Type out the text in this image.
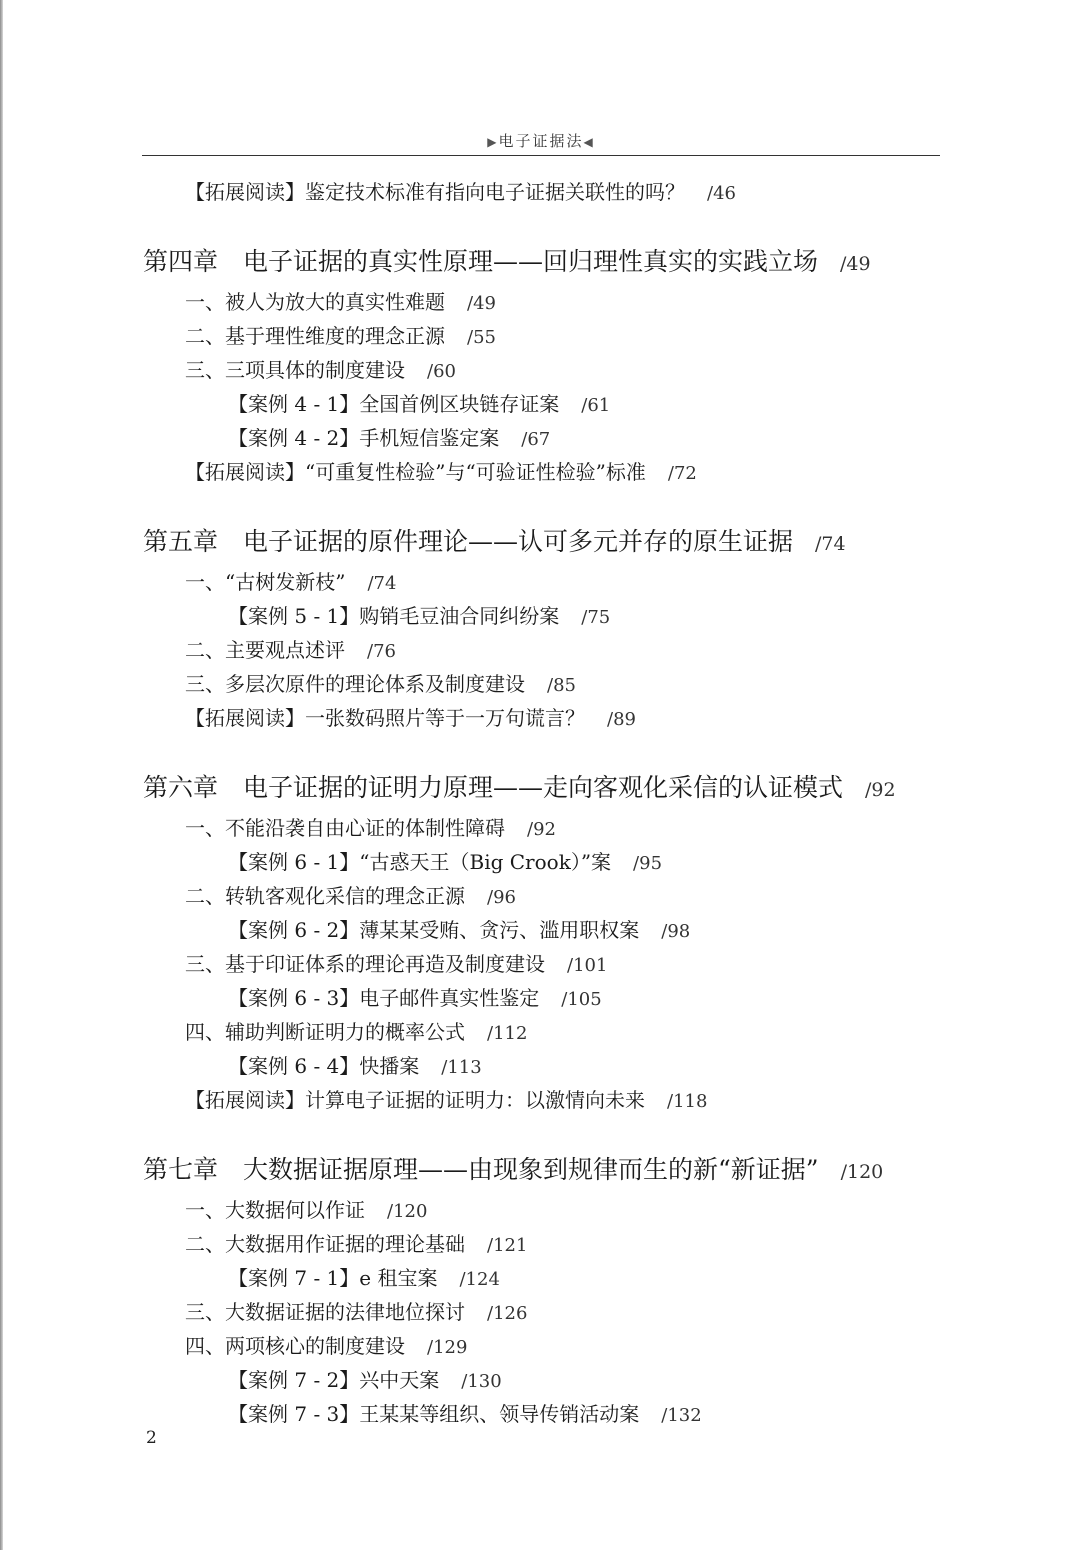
▶电子证据法◀
【拓展阅读】鉴定技术标准有指向电子证据关联性的吗？ /46
第四章　电子证据的真实性原理——回归理性真实的实践立场 /49
一、被人为放大的真实性难题 /49
二、基于理性维度的理念正源 /55
三、三项具体的制度建设 /60
【案例 4 - 1】全国首例区块链存证案 /61
【案例 4 - 2】手机短信鉴定案 /67
【拓展阅读】“可重复性检验”与“可验证性检验”标准 /72
第五章　电子证据的原件理论——认可多元并存的原生证据 /74
一、“古树发新枝” /74
【案例 5 - 1】购销毛豆油合同纠纷案 /75
二、主要观点述评 /76
三、多层次原件的理论体系及制度建设 /85
【拓展阅读】一张数码照片等于一万句谎言？ /89
第六章　电子证据的证明力原理——走向客观化采信的认证模式 /92
一、不能沿袭自由心证的体制性障碍 /92
【案例 6 - 1】“古惑天王（Big Crook）”案 /95
二、转轨客观化采信的理念正源 /96
【案例 6 - 2】薄某某受贿、贪污、滥用职权案 /98
三、基于印证体系的理论再造及制度建设 /101
【案例 6 - 3】电子邮件真实性鉴定 /105
四、辅助判断证明力的概率公式 /112
【案例 6 - 4】快播案 /113
【拓展阅读】计算电子证据的证明力：以激情向未来 /118
第七章　大数据证据原理——由现象到规律而生的新“新证据” /120
一、大数据何以作证 /120
二、大数据用作证据的理论基础 /121
【案例 7 - 1】e 租宝案 /124
三、大数据证据的法律地位探讨 /126
四、两项核心的制度建设 /129
【案例 7 - 2】兴中天案 /130
【案例 7 - 3】王某某等组织、领导传销活动案 /132
2
